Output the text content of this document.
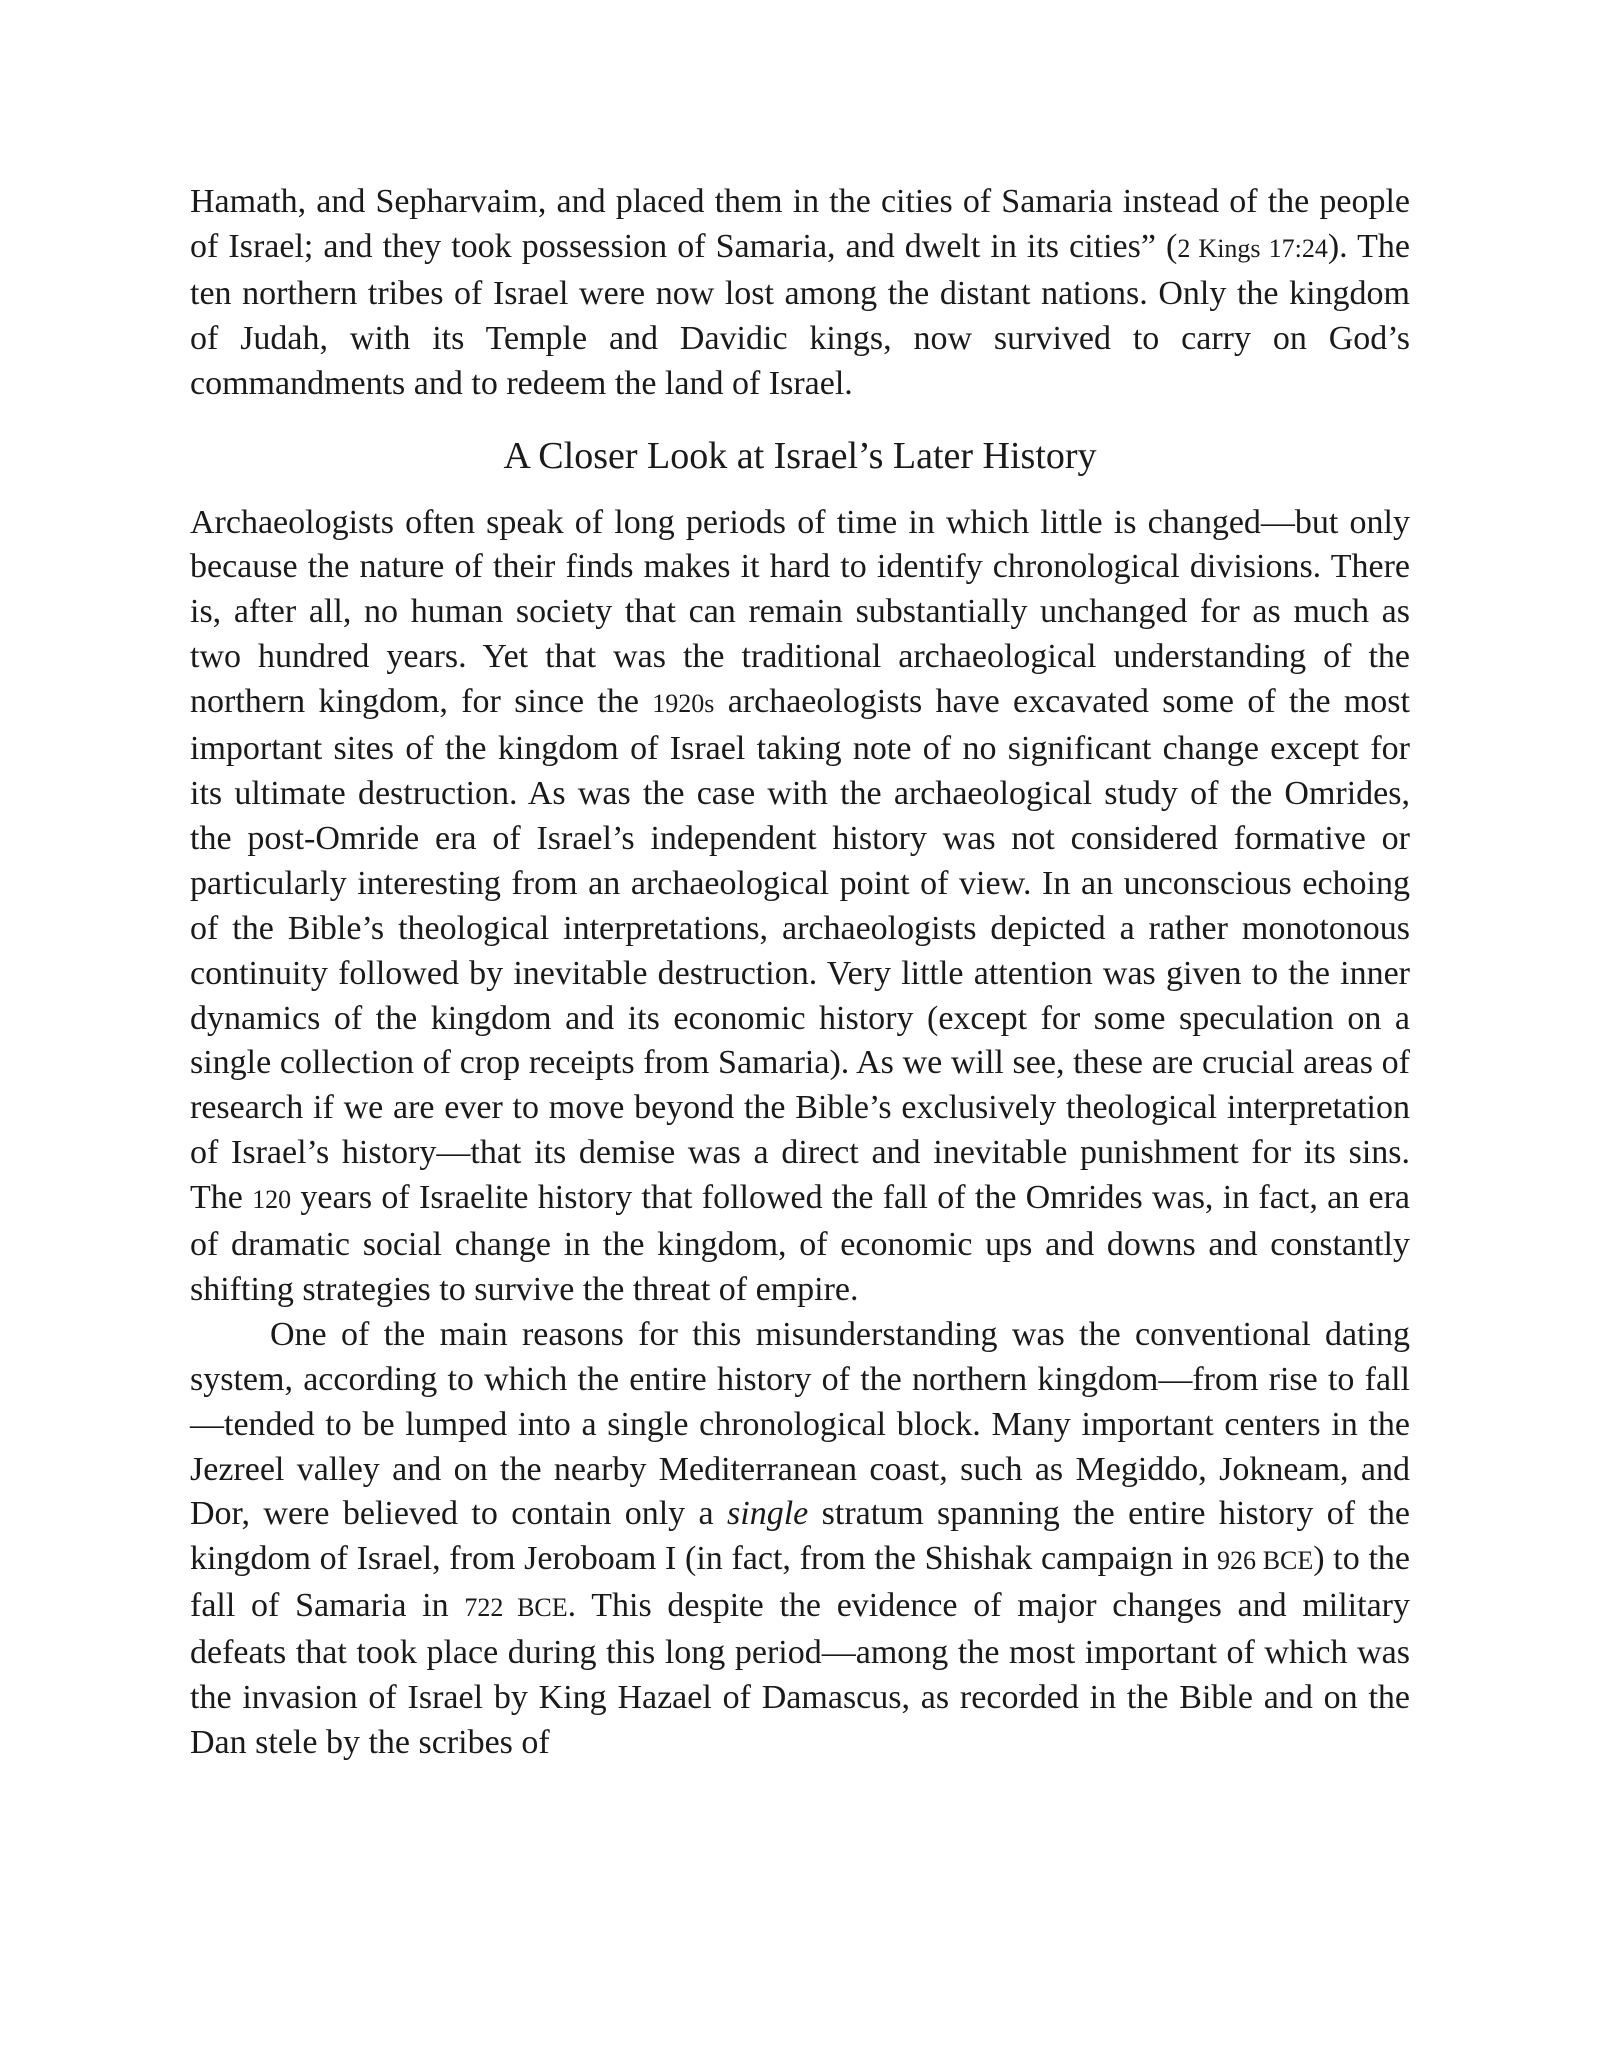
Hamath, and Sepharvaim, and placed them in the cities of Samaria instead of the people of Israel; and they took possession of Samaria, and dwelt in its cities” (2 Kings 17:24). The ten northern tribes of Israel were now lost among the distant nations. Only the kingdom of Judah, with its Temple and Davidic kings, now survived to carry on God’s commandments and to redeem the land of Israel.

A Closer Look at Israel’s Later History

Archaeologists often speak of long periods of time in which little is changed—but only because the nature of their finds makes it hard to identify chronological divisions. There is, after all, no human society that can remain substantially unchanged for as much as two hundred years. Yet that was the traditional archaeological understanding of the northern kingdom, for since the 1920s archaeologists have excavated some of the most important sites of the kingdom of Israel taking note of no significant change except for its ultimate destruction. As was the case with the archaeological study of the Omrides, the post-Omride era of Israel’s independent history was not considered formative or particularly interesting from an archaeological point of view. In an unconscious echoing of the Bible’s theological interpretations, archaeologists depicted a rather monotonous continuity followed by inevitable destruction. Very little attention was given to the inner dynamics of the kingdom and its economic history (except for some speculation on a single collection of crop receipts from Samaria). As we will see, these are crucial areas of research if we are ever to move beyond the Bible’s exclusively theological interpretation of Israel’s history—that its demise was a direct and inevitable punishment for its sins. The 120 years of Israelite history that followed the fall of the Omrides was, in fact, an era of dramatic social change in the kingdom, of economic ups and downs and constantly shifting strategies to survive the threat of empire.

One of the main reasons for this misunderstanding was the conventional dating system, according to which the entire history of the northern kingdom—from rise to fall—tended to be lumped into a single chronological block. Many important centers in the Jezreel valley and on the nearby Mediterranean coast, such as Megiddo, Jokneam, and Dor, were believed to contain only a single stratum spanning the entire history of the kingdom of Israel, from Jeroboam I (in fact, from the Shishak campaign in 926 BCE) to the fall of Samaria in 722 BCE. This despite the evidence of major changes and military defeats that took place during this long period—among the most important of which was the invasion of Israel by King Hazael of Damascus, as recorded in the Bible and on the Dan stele by the scribes of
